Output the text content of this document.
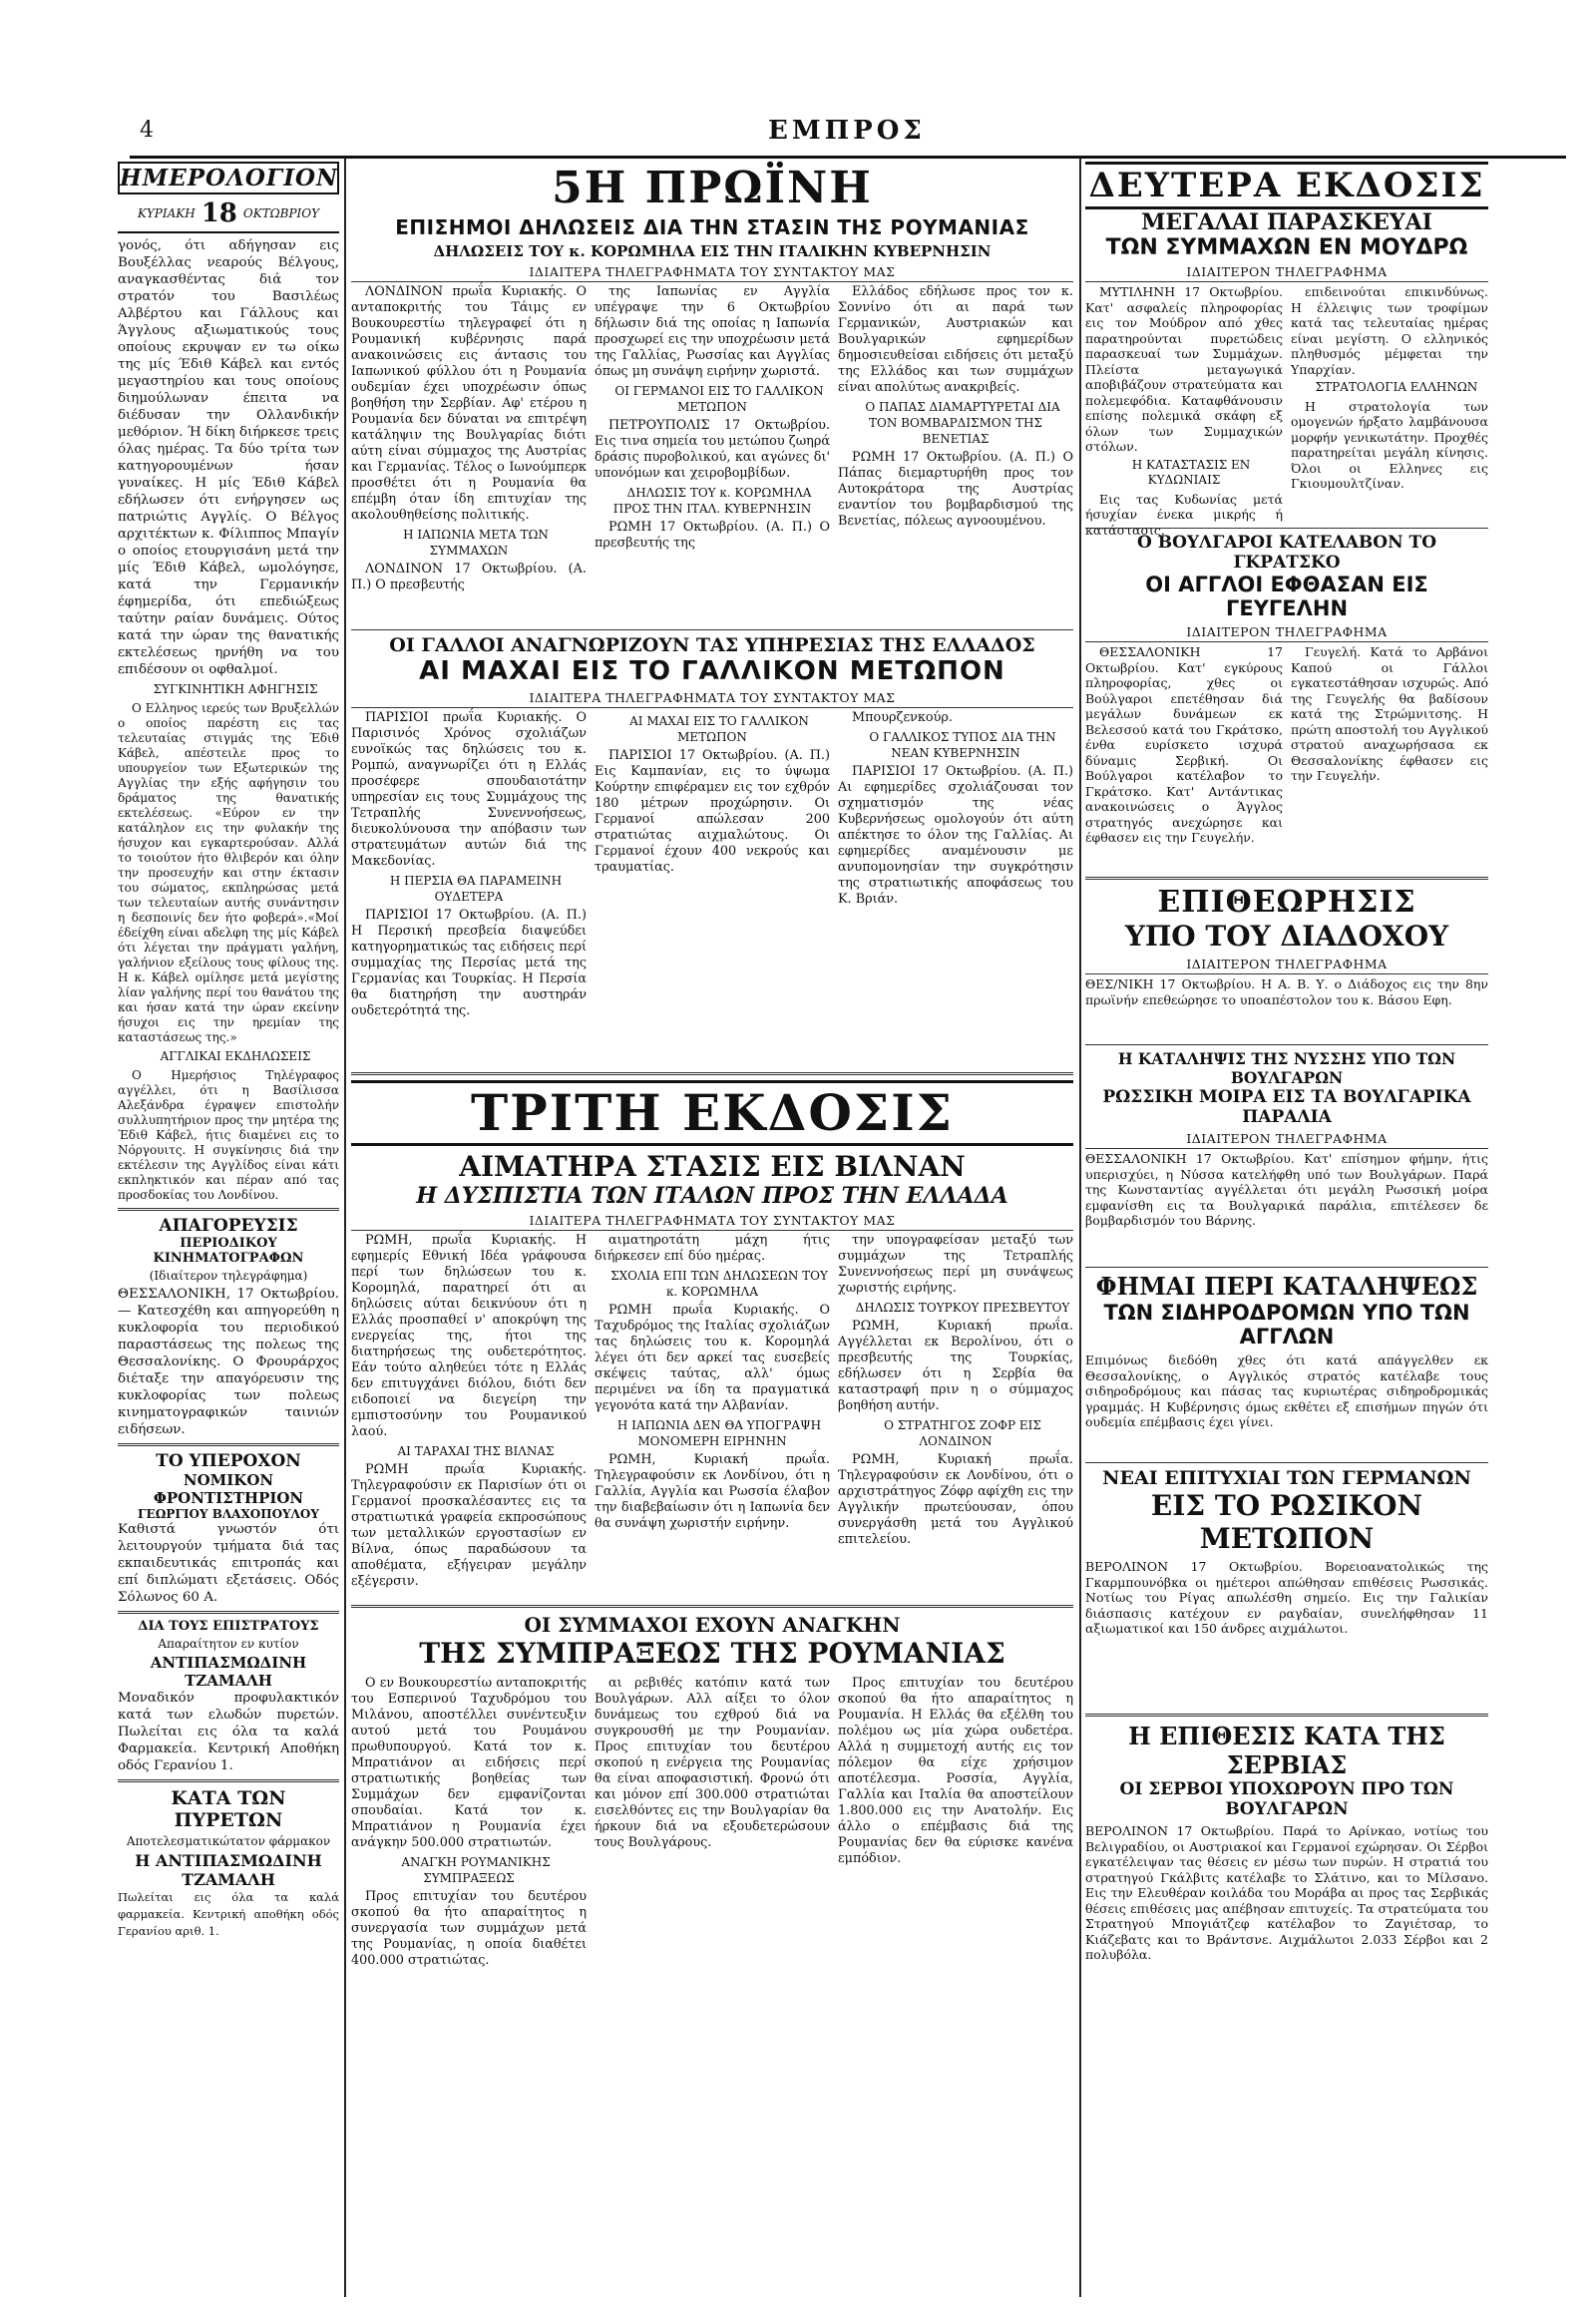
4	ΕΜΠΡΟΣ

ΗΜΕΡΟΛΟΓΙΟΝ

ΚΥΡΙΑΚΗ 18 ΟΚΤΩΒΡΙΟΥ

γονός, ότι αδήγησαν εις Βουξέλλας νεαρούς Βέλγους, αναγκασθέντας διά τον στρατόν του Βασιλέως Αλβέρτου και Γάλλους και Άγγλους αξιωματικούς τους οποίους εκρυψαν εν τω οίκω της μίς Έδιθ Κάβελ και εντός μεγαστηρίου και τους οποίους διημούλωναν έπειτα να διέδυσαν την Ολλανδικήν μεθόριον. Ή δίκη διήρκεσε τρεις όλας ημέρας. Τα δύο τρίτα των κατηγορουμένων ήσαν γυναίκες. Η μίς Έδιθ Κάβελ εδήλωσεν ότι ενήργησεν ως πατριώτις Αγγλίς. Ο Βέλγος αρχιτέκτων κ. Φίλιππος Μπαγίν ο οποίος ετουργισάνη μετά την μίς Έδιθ Κάβελ, ωμολόγησε, κατά την Γερμανικήν έφημερίδα, ότι επεδιώξεως ταύτην ραίαν δυνάμεις. Ούτος κατά την ώραν της θανατικής εκτελέσεως ηρνήθη να του επιδέσουν οι οφθαλμοί.

ΣΥΓΚΙΝΗΤΙΚΗ ΑΦΗΓΗΣΙΣ

Ο Ελληνος ιερεύς των Βρυξελλών ο οποίος παρέστη εις τας τελευταίας στιγμάς της Έδιθ Κάβελ, απέστειλε προς το υπουργείον των Εξωτερικών της Αγγλίας την εξής αφήγησιν του δράματος της θανατικής εκτελέσεως. «Εύρον εν την κατάληλον εις την φυλακήν της ήσυχον και εγκαρτερούσαν. Αλλά το τοιούτον ήτο θλιβερόν και όλην την προσευχήν και στην έκτασιν του σώματος, εκπληρώσας μετά των τελευταίων αυτής συνάντησιν η δεσποινίς δεν ήτο φοβερά».«Μοί έδείχθη είναι αδελφη της μίς Κάβελ ότι λέγεται την πράγματι γαλήνη, γαλήνιον εξείλους τους φίλους της. Η κ. Κάβελ ομίλησε μετά μεγίστης λίαν γαλήνης περί του θανάτου της και ήσαν κατά την ώραν εκείνην ήσυχοι εις την ηρεμίαν της καταστάσεως της.»

ΑΓΓΛΙΚΑΙ ΕΚΔΗΛΩΣΕΙΣ

Ο Ημερήσιος Τηλέγραφος αγγέλλει, ότι η Βασίλισσα Αλεξάνδρα έγραψεν επιστολήν συλλυπητήριον προς την μητέρα της Έδιθ Κάβελ, ήτις διαμένει εις το Νόργουιτς. Η συγκίνησις διά την εκτέλεσιν της Αγγλίδος είναι κάτι εκπληκτικόν και πέραν από τας προσδοκίας του Λονδίνου.

ΑΠΑΓΟΡΕΥΣΙΣ

ΠΕΡΙΟΔΙΚΟΥ ΚΙΝΗΜΑΤΟΓΡΑΦΩΝ

(Ιδιαίτερον τηλεγράφημα)

ΘΕΣΣΑΛΟΝΙΚΗ, 17 Οκτωβρίου. — Κατεσχέθη και απηγορεύθη η κυκλοφορία του περιοδικού παραστάσεως της πολεως της Θεσσαλονίκης. Ο Φρουράρχος διέταξε την απαγόρευσιν της κυκλοφορίας των πολεως κινηματογραφικών ταινιών ειδήσεων.

ΤΟ ΥΠΕΡΟΧΟΝ

ΝΟΜΙΚΟΝ ΦΡΟΝΤΙΣΤΗΡΙΟΝ

ΓΕΩΡΓΙΟΥ ΒΛΑΧΟΠΟΥΛΟΥ

Καθιστά γνωστόν ότι λειτουργούν τμήματα διά τας εκπαιδευτικάς επιτροπάς και επί διπλώματι εξετάσεις. Οδός Σόλωνος 60 Α.

ΔΙΑ ΤΟΥΣ ΕΠΙΣΤΡΑΤΟΥΣ

Απαραίτητον εν κυτίον

ΑΝΤΙΠΑΣΜΩΔΙΝΗ

ΤΖΑΜΑΛΗ

Μοναδικόν προφυλακτικόν κατά των ελωδών πυρετών. Πωλείται εις όλα τα καλά Φαρμακεία. Κεντρική Αποθήκη οδός Γερανίου 1.

ΚΑΤΑ ΤΩΝ ΠΥΡΕΤΩΝ

Αποτελεσματικώτατον φάρμακον

Η ΑΝΤΙΠΑΣΜΩΔΙΝΗ

ΤΖΑΜΑΛΗ

Πωλείται εις όλα τα καλά φαρμακεία. Κεντρική αποθήκη οδός Γερανίου αριθ. 1.

5Η ΠΡΩΪΝΗ

ΕΠΙΣΗΜΟΙ ΔΗΛΩΣΕΙΣ ΔΙΑ ΤΗΝ ΣΤΑΣΙΝ ΤΗΣ ΡΟΥΜΑΝΙΑΣ

ΔΗΛΩΣΕΙΣ ΤΟΥ κ. ΚΟΡΩΜΗΛΑ ΕΙΣ ΤΗΝ ΙΤΑΛΙΚΗΝ ΚΥΒΕΡΝΗΣΙΝ

ΙΔΙΑΙΤΕΡΑ ΤΗΛΕΓΡΑΦΗΜΑΤΑ ΤΟΥ ΣΥΝΤΑΚΤΟΥ ΜΑΣ

ΛΟΝΔΙΝΟΝ πρωΐα Κυριακής. Ο ανταποκριτής του Τάιμς εν Βουκουρεστίω τηλεγραφεί ότι η Ρουμανική κυβέρνησις παρά ανακοινώσεις εις άντασις του Ιαπωνικού φύλλου ότι η Ρουμανία ουδεμίαν έχει υποχρέωσιν όπως βοηθήση την Σερβίαν. Αφ' ετέρου η Ρουμανία δεν δύναται να επιτρέψη κατάληψιν της Βουλγαρίας διότι αύτη είναι σύμμαχος της Αυστρίας και Γερμανίας. Τέλος ο Ιωνούμπερκ προσθέτει ότι η Ρουμανία θα επέμβη όταν ίδη επιτυχίαν της ακολουθηθείσης πολιτικής.

Η ΙΑΠΩΝΙΑ ΜΕΤΑ ΤΩΝ ΣΥΜΜΑΧΩΝ

ΛΟΝΔΙΝΟΝ 17 Οκτωβρίου. (Α. Π.) Ο πρεσβευτής

της Ιαπωνίας εν Αγγλία υπέγραψε την 6 Οκτωβρίου δήλωσιν διά της οποίας η Ιαπωνία προσχωρεί εις την υποχρέωσιν μετά της Γαλλίας, Ρωσσίας και Αγγλίας όπως μη συνάψη ειρήνην χωριστά.

ΟΙ ΓΕΡΜΑΝΟΙ ΕΙΣ ΤΟ ΓΑΛΛΙΚΟΝ ΜΕΤΩΠΟΝ

ΠΕΤΡΟΥΠΟΛΙΣ 17 Οκτωβρίου. Εις τινα σημεία του μετώπου ζωηρά δράσις πυροβολικού, και αγώνες δι' υπονόμων και χειροβομβίδων.

ΔΗΛΩΣΙΣ ΤΟΥ κ. ΚΟΡΩΜΗΛΑ ΠΡΟΣ ΤΗΝ ΙΤΑΛ. ΚΥΒΕΡΝΗΣΙΝ

ΡΩΜΗ 17 Οκτωβρίου. (Α. Π.) Ο πρεσβευτής της

Ελλάδος εδήλωσε προς τον κ. Σοννίνο ότι αι παρά των Γερμανικών, Αυστριακών και Βουλγαρικών εφημερίδων δημοσιευθείσαι ειδήσεις ότι μεταξύ της Ελλάδος και των συμμάχων είναι απολύτως ανακριβείς.

Ο ΠΑΠΑΣ ΔΙΑΜΑΡΤΥΡΕΤΑΙ ΔΙΑ ΤΟΝ ΒΟΜΒΑΡΔΙΣΜΟΝ ΤΗΣ ΒΕΝΕΤΙΑΣ

ΡΩΜΗ 17 Οκτωβρίου. (Α. Π.) Ο Πάπας διεμαρτυρήθη προς τον Αυτοκράτορα της Αυστρίας εναντίον του βομβαρδισμού της Βενετίας, πόλεως αγνοουμένου.

ΟΙ ΓΑΛΛΟΙ ΑΝΑΓΝΩΡΙΖΟΥΝ ΤΑΣ ΥΠΗΡΕΣΙΑΣ ΤΗΣ ΕΛΛΑΔΟΣ

ΑΙ ΜΑΧΑΙ ΕΙΣ ΤΟ ΓΑΛΛΙΚΟΝ ΜΕΤΩΠΟΝ

ΙΔΙΑΙΤΕΡΑ ΤΗΛΕΓΡΑΦΗΜΑΤΑ ΤΟΥ ΣΥΝΤΑΚΤΟΥ ΜΑΣ

ΠΑΡΙΣΙΟΙ πρωΐα Κυριακής. Ο Παρισινός Χρόνος σχολιάζων ευνοϊκώς τας δηλώσεις του κ. Ρομπώ, αναγνωρίζει ότι η Ελλάς προσέφερε σπουδαιοτάτην υπηρεσίαν εις τους Συμμάχους της Τετραπλής Συνεννοήσεως, διευκολύνουσα την απόβασιν των στρατευμάτων αυτών διά της Μακεδονίας.

Η ΠΕΡΣΙΑ ΘΑ ΠΑΡΑΜΕΙΝΗ ΟΥΔΕΤΕΡΑ

ΠΑΡΙΣΙΟΙ 17 Οκτωβρίου. (Α. Π.) Η Περσική πρεσβεία διαψεύδει κατηγορηματικώς τας ειδήσεις περί συμμαχίας της Περσίας μετά της Γερμανίας και Τουρκίας. Η Περσία θα διατηρήση την αυστηράν ουδετερότητά της.

ΑΙ ΜΑΧΑΙ ΕΙΣ ΤΟ ΓΑΛΛΙΚΟΝ ΜΕΤΩΠΟΝ

ΠΑΡΙΣΙΟΙ 17 Οκτωβρίου. (Α. Π.) Εις Καμπανίαν, εις το ύψωμα Κούρτην επιφέραμεν εις τον εχθρόν 180 μέτρων προχώρησιν. Οι Γερμανοί απώλεσαν 200 στρατιώτας αιχμαλώτους. Οι Γερμανοί έχουν 400 νεκρούς και τραυματίας.

Μπουρζενκούρ.

Ο ΓΑΛΛΙΚΟΣ ΤΥΠΟΣ ΔΙΑ ΤΗΝ ΝΕΑΝ ΚΥΒΕΡΝΗΣΙΝ

ΠΑΡΙΣΙΟΙ 17 Οκτωβρίου. (Α. Π.) Αι εφημερίδες σχολιάζουσαι τον σχηματισμόν της νέας Κυβερνήσεως ομολογούν ότι αύτη απέκτησε το όλον της Γαλλίας. Αι εφημερίδες αναμένουσιν με ανυπομονησίαν την συγκρότησιν της στρατιωτικής αποφάσεως του Κ. Βριάν.

ΤΡΙΤΗ ΕΚΔΟΣΙΣ

ΑΙΜΑΤΗΡΑ ΣΤΑΣΙΣ ΕΙΣ ΒΙΛΝΑΝ

Η ΔΥΣΠΙΣΤΙΑ ΤΩΝ ΙΤΑΛΩΝ ΠΡΟΣ ΤΗΝ ΕΛΛΑΔΑ

ΙΔΙΑΙΤΕΡΑ ΤΗΛΕΓΡΑΦΗΜΑΤΑ ΤΟΥ ΣΥΝΤΑΚΤΟΥ ΜΑΣ

ΡΩΜΗ, πρωΐα Κυριακής. Η εφημερίς Εθνική Ιδέα γράφουσα περί των δηλώσεων του κ. Κορομηλά, παρατηρεί ότι αι δηλώσεις αύται δεικνύουν ότι η Ελλάς προσπαθεί ν' αποκρύψη της ενεργείας της, ήτοι της διατηρήσεως της ουδετερότητος. Εάν τούτο αληθεύει τότε η Ελλάς δεν επιτυγχάνει διόλου, διότι δεν ειδοποιεί να διεγείρη την εμπιστοσύνην του Ρουμανικού λαού.

ΑΙ ΤΑΡΑΧΑΙ ΤΗΣ ΒΙΛΝΑΣ

ΡΩΜΗ πρωΐα Κυριακής. Τηλεγραφούσιν εκ Παρισίων ότι οι Γερμανοί προσκαλέσαντες εις τα στρατιωτικά γραφεία εκπροσώπους των μεταλλικών εργοστασίων εν Βίλνα, όπως παραδώσουν τα αποθέματα, εξήγειραν μεγάλην εξέγερσιν.

αιματηροτάτη μάχη ήτις διήρκεσεν επί δύο ημέρας.

ΣΧΟΛΙΑ ΕΠΙ ΤΩΝ ΔΗΛΩΣΕΩΝ ΤΟΥ κ. ΚΟΡΩΜΗΛΑ

ΡΩΜΗ πρωΐα Κυριακής. Ο Ταχυδρόμος της Ιταλίας σχολιάζων τας δηλώσεις του κ. Κορομηλά λέγει ότι δεν αρκεί τας ευσεβείς σκέψεις ταύτας, αλλ' όμως περιμένει να ίδη τα πραγματικά γεγονότα κατά την Αλβανίαν.

Η ΙΑΠΩΝΙΑ ΔΕΝ ΘΑ ΥΠΟΓΡΑΨΗ ΜΟΝΟΜΕΡΗ ΕΙΡΗΝΗΝ

ΡΩΜΗ, Κυριακή πρωΐα. Τηλεγραφούσιν εκ Λονδίνου, ότι η Γαλλία, Αγγλία και Ρωσσία έλαβον την διαβεβαίωσιν ότι η Ιαπωνία δεν θα συνάψη χωριστήν ειρήνην.

την υπογραφείσαν μεταξύ των συμμάχων της Τετραπλής Συνεννοήσεως περί μη συνάψεως χωριστής ειρήνης.

ΔΗΛΩΣΙΣ ΤΟΥΡΚΟΥ ΠΡΕΣΒΕΥΤΟΥ

ΡΩΜΗ, Κυριακή πρωΐα. Αγγέλλεται εκ Βερολίνου, ότι ο πρεσβευτής της Τουρκίας, εδήλωσεν ότι η Σερβία θα καταστραφή πριν η ο σύμμαχος βοηθήση αυτήν.

Ο ΣΤΡΑΤΗΓΟΣ ΖΟΦΡ ΕΙΣ ΛΟΝΔΙΝΟΝ

ΡΩΜΗ, Κυριακή πρωΐα. Τηλεγραφούσιν εκ Λονδίνου, ότι ο αρχιστράτηγος Ζόφρ αφίχθη εις την Αγγλικήν πρωτεύουσαν, όπου συνεργάσθη μετά του Αγγλικού επιτελείου.

ΟΙ ΣΥΜΜΑΧΟΙ ΕΧΟΥΝ ΑΝΑΓΚΗΝ

ΤΗΣ ΣΥΜΠΡΑΞΕΩΣ ΤΗΣ ΡΟΥΜΑΝΙΑΣ

Ο εν Βουκουρεστίω ανταποκριτής του Εσπερινού Ταχυδρόμου του Μιλάνου, αποστέλλει συνέντευξιν αυτού μετά του Ρουμάνου πρωθυπουργού. Κατά τον κ. Μπρατιάνον αι ειδήσεις περί στρατιωτικής βοηθείας των Συμμάχων δεν εμφανίζονται σπουδαίαι. Κατά τον κ. Μπρατιάνον η Ρουμανία έχει ανάγκην 500.000 στρατιωτών.

ΑΝΑΓΚΗ ΡΟΥΜΑΝΙΚΗΣ ΣΥΜΠΡΑΞΕΩΣ

Προς επιτυχίαν του δευτέρου σκοπού θα ήτο απαραίτητος η συνεργασία των συμμάχων μετά της Ρουμανίας, η οποία διαθέτει 400.000 στρατιώτας.

αι ρεβιθές κατόπιν κατά των Βουλγάρων. Αλλ αίξει το όλον δυνάμεως του εχθρού διά να συγκρουσθή με την Ρουμανίαν. Προς επιτυχίαν του δευτέρου σκοπού η ενέργεια της Ρουμανίας θα είναι αποφασιστική. Φρονώ ότι και μόνον επί 300.000 στρατιώται εισελθόντες εις την Βουλγαρίαν θα ήρκουν διά να εξουδετερώσουν τους Βουλγάρους.

Προς επιτυχίαν του δευτέρου σκοπού θα ήτο απαραίτητος η Ρουμανία. Η Ελλάς θα εξέλθη του πολέμου ως μία χώρα ουδετέρα. Αλλά η συμμετοχή αυτής εις τον πόλεμον θα είχε χρήσιμον αποτέλεσμα. Ροσσία, Αγγλία, Γαλλία και Ιταλία θα αποστείλουν 1.800.000 εις την Ανατολήν. Εις άλλο ο επέμβασις διά της Ρουμανίας δεν θα εύρισκε κανένα εμπόδιον.

ΔΕΥΤΕΡΑ ΕΚΔΟΣΙΣ

ΜΕΓΑΛΑΙ ΠΑΡΑΣΚΕΥΑΙ

ΤΩΝ ΣΥΜΜΑΧΩΝ ΕΝ ΜΟΥΔΡΩ

ΙΔΙΑΙΤΕΡΟΝ ΤΗΛΕΓΡΑΦΗΜΑ

ΜΥΤΙΛΗΝΗ 17 Οκτωβρίου. Κατ' ασφαλείς πληροφορίας εις τον Μούδρον από χθες παρατηρούνται πυρετώδεις παρασκευαί των Συμμάχων. Πλείστα μεταγωγικά αποβιβάζουν στρατεύματα και πολεμεφόδια. Καταφθάνουσιν επίσης πολεμικά σκάφη εξ όλων των Συμμαχικών στόλων.

Η ΚΑΤΑΣΤΑΣΙΣ ΕΝ ΚΥΔΩΝΙΑΙΣ

Εις τας Κυδωνίας μετά ήσυχίαν ένεκα μικρής ή κατάστασις.

επιδεινούται επικινδύνως. Η έλλειψις των τροφίμων κατά τας τελευταίας ημέρας είναι μεγίστη. Ο ελληνικός πληθυσμός μέμφεται την Υπαρχίαν.

ΣΤΡΑΤΟΛΟΓΙΑ ΕΛΛΗΝΩΝ

Η στρατολογία των ομογενών ήρξατο λαμβάνουσα μορφήν γενικωτάτην. Προχθές παρατηρείται μεγάλη κίνησις. Όλοι οι Ελληνες εις Γκιουμουλτζίναν.

Ο ΒΟΥΛΓΑΡΟΙ ΚΑΤΕΛΑΒΟΝ ΤΟ ΓΚΡΑΤΣΚΟ

ΟΙ ΑΓΓΛΟΙ ΕΦΘΑΣΑΝ ΕΙΣ ΓΕΥΓΕΛΗΝ

ΙΔΙΑΙΤΕΡΟΝ ΤΗΛΕΓΡΑΦΗΜΑ

ΘΕΣΣΑΛΟΝΙΚΗ 17 Οκτωβρίου. Κατ' εγκύρους πληροφορίας, χθες οι Βούλγαροι επετέθησαν διά μεγάλων δυνάμεων εκ Βελεσσού κατά του Γκράτσκο, ένθα ευρίσκετο ισχυρά δύναμις Σερβική. Οι Βούλγαροι κατέλαβον το Γκράτσκο. Κατ' Αντάντικας ανακοινώσεις ο Άγγλος στρατηγός ανεχώρησε και έφθασεν εις την Γευγελήν.

Γευγελή. Κατά το Αρβάνοι Καπού οι Γάλλοι εγκατεστάθησαν ισχυρώς. Από της Γευγελής θα βαδίσουν κατά της Στρώμνιτσης. Η πρώτη αποστολή του Αγγλικού στρατού αναχωρήσασα εκ Θεσσαλονίκης έφθασεν εις την Γευγελήν.

ΕΠΙΘΕΩΡΗΣΙΣ

ΥΠΟ ΤΟΥ ΔΙΑΔΟΧΟΥ

ΙΔΙΑΙΤΕΡΟΝ ΤΗΛΕΓΡΑΦΗΜΑ

ΘΕΣ/ΝΙΚΗ 17 Οκτωβρίου. Η Α. Β. Υ. ο Διάδοχος εις την 8ην πρωϊνήν επεθεώρησε το υποαπέστολον του κ. Βάσου Εφη.

Η ΚΑΤΑΛΗΨΙΣ ΤΗΣ ΝΥΣΣΗΣ ΥΠΟ ΤΩΝ ΒΟΥΛΓΑΡΩΝ

ΡΩΣΣΙΚΗ ΜΟΙΡΑ ΕΙΣ ΤΑ ΒΟΥΛΓΑΡΙΚΑ ΠΑΡΑΛΙΑ

ΙΔΙΑΙΤΕΡΟΝ ΤΗΛΕΓΡΑΦΗΜΑ

ΘΕΣΣΑΛΟΝΙΚΗ 17 Οκτωβρίου. Κατ' επίσημον φήμην, ήτις υπερισχύει, η Νύσσα κατελήφθη υπό των Βουλγάρων. Παρά της Κωνσταντίας αγγέλλεται ότι μεγάλη Ρωσσική μοίρα εμφανίσθη εις τα Βουλγαρικά παράλια, επιτέλεσεν δε βομβαρδισμόν του Βάρνης.

ΦΗΜΑΙ ΠΕΡΙ ΚΑΤΑΛΗΨΕΩΣ

ΤΩΝ ΣΙΔΗΡΟΔΡΟΜΩΝ ΥΠΟ ΤΩΝ ΑΓΓΛΩΝ

Επιμόνως διεδόθη χθες ότι κατά απάγγελθεν εκ Θεσσαλονίκης, ο Αγγλικός στρατός κατέλαβε τους σιδηροδρόμους και πάσας τας κυριωτέρας σιδηροδρομικάς γραμμάς. Η Κυβέρνησις όμως εκθέτει εξ επισήμων πηγών ότι ουδεμία επέμβασις έχει γίνει.

ΝΕΑΙ ΕΠΙΤΥΧΙΑΙ ΤΩΝ ΓΕΡΜΑΝΩΝ

ΕΙΣ ΤΟ ΡΩΣΙΚΟΝ ΜΕΤΩΠΟΝ

ΒΕΡΟΛΙΝΟΝ 17 Οκτωβρίου. Βορειοανατολικώς της Γκαρμπουνόβκα οι ημέτεροι απώθησαν επιθέσεις Ρωσσικάς. Νοτίως του Ρίγας απωλέσθη σημείο. Εις την Γαλικίαν διάσπασις κατέχουν εν ραγδαίαν, συνελήφθησαν 11 αξιωματικοί και 150 άνδρες αιχμάλωτοι.

Η ΕΠΙΘΕΣΙΣ ΚΑΤΑ ΤΗΣ ΣΕΡΒΙΑΣ

ΟΙ ΣΕΡΒΟΙ ΥΠΟΧΩΡΟΥΝ ΠΡΟ ΤΩΝ ΒΟΥΛΓΑΡΩΝ

ΒΕΡΟΛΙΝΟΝ 17 Οκτωβρίου. Παρά το Αρίνκαο, νοτίως του Βελιγραδίου, οι Αυστριακοί και Γερμανοί εχώρησαν. Οι Σέρβοι εγκατέλειψαν τας θέσεις εν μέσω των πυρών. Η στρατιά του στρατηγού Γκάλβιτς κατέλαβε το Σλάτινο, και το Μίλσανο. Εις την Ελευθέραν κοιλάδα του Μοράβα αι προς τας Σερβικάς θέσεις επιθέσεις μας απέβησαν επιτυχείς. Τα στρατεύματα του Στρατηγού Μπογιάτζεφ κατέλαβον το Ζαγιέτσαρ, το Κιάζεβατς και το Βράντσνε. Αιχμάλωτοι 2.033 Σέρβοι και 2 πολυβόλα.
